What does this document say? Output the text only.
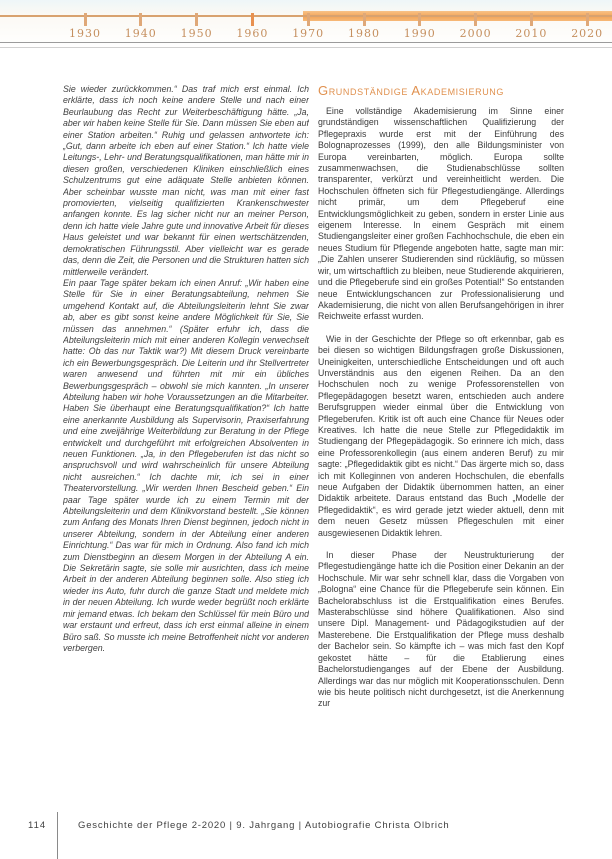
1930	1940	1950	1960	1970	1980	1990	2000	2010	2020

Sie wieder zurückkommen.“ Das traf mich erst einmal. Ich erklärte, dass ich noch keine andere Stelle und nach einer Beurlaubung das Recht zur Weiterbeschäftigung hätte. „Ja, aber wir haben keine Stelle für Sie. Dann müssen Sie eben auf einer Station arbeiten.“ Ruhig und gelassen antwortete ich: „Gut, dann arbeite ich eben auf einer Station.“ Ich hatte viele Leitungs-, Lehr- und Beratungsqualifikationen, man hätte mir in diesen großen, verschiedenen Kliniken einschließlich eines Schulzentrums gut eine adäquate Stelle anbieten können. Aber scheinbar wusste man nicht, was man mit einer fast promovierten, vielseitig qualifizierten Krankenschwester anfangen konnte. Es lag sicher nicht nur an meiner Person, denn ich hatte viele Jahre gute und innovative Arbeit für dieses Haus geleistet und war bekannt für einen wertschätzenden, demokratischen Führungsstil. Aber vielleicht war es gerade das, denn die Zeit, die Personen und die Strukturen hatten sich mittlerweile verändert.

Ein paar Tage später bekam ich einen Anruf: „Wir haben eine Stelle für Sie in einer Beratungsabteilung, nehmen Sie umgehend Kontakt auf, die Abteilungsleiterin lehnt Sie zwar ab, aber es gibt sonst keine andere Möglichkeit für Sie, Sie müssen das annehmen.“ (Später erfuhr ich, dass die Abteilungsleiterin mich mit einer anderen Kollegin verwechselt hatte: Ob das nur Taktik war?) Mit diesem Druck vereinbarte ich ein Bewerbungsgespräch. Die Leiterin und ihr Stellvertreter waren anwesend und führten mit mir ein übliches Bewerbungsgespräch – obwohl sie mich kannten. „In unserer Abteilung haben wir hohe Voraussetzungen an die Mitarbeiter. Haben Sie überhaupt eine Beratungsqualifikation?“ Ich hatte eine anerkannte Ausbildung als Supervisorin, Praxiserfahrung und eine zweijährige Weiterbildung zur Beratung in der Pflege entwickelt und durchgeführt mit erfolgreichen Absolventen in neuen Funktionen. „Ja, in den Pflegeberufen ist das nicht so anspruchsvoll und wird wahrscheinlich für unsere Abteilung nicht ausreichen.“ Ich dachte mir, ich sei in einer Theatervorstellung. „Wir werden Ihnen Bescheid geben.“ Ein paar Tage später wurde ich zu einem Termin mit der Abteilungsleiterin und dem Klinikvorstand bestellt. „Sie können zum Anfang des Monats Ihren Dienst beginnen, jedoch nicht in unserer Abteilung, sondern in der Abteilung einer anderen Einrichtung.“ Das war für mich in Ordnung. Also fand ich mich zum Dienstbeginn an diesem Morgen in der Abteilung A ein. Die Sekretärin sagte, sie solle mir ausrichten, dass ich meine Arbeit in der anderen Abteilung beginnen solle. Also stieg ich wieder ins Auto, fuhr durch die ganze Stadt und meldete mich in der neuen Abteilung. Ich wurde weder begrüßt noch erklärte mir jemand etwas. Ich bekam den Schlüssel für mein Büro und war erstaunt und erfreut, dass ich erst einmal alleine in einem Büro saß. So musste ich meine Betroffenheit nicht vor anderen verbergen.

Grundständige Akademisierung

Eine vollständige Akademisierung im Sinne einer grundständigen wissenschaftlichen Qualifizierung der Pflegepraxis wurde erst mit der Einführung des Bolognaprozesses (1999), den alle Bildungsminister von Europa vereinbarten, möglich. Europa sollte zusammenwachsen, die Studienabschlüsse sollten transparenter, verkürzt und vereinheitlicht werden. Die Hochschulen öffneten sich für Pflegestudiengänge. Allerdings nicht primär, um dem Pflegeberuf eine Entwicklungsmöglichkeit zu geben, sondern in erster Linie aus eigenem Interesse. In einem Gespräch mit einem Studiengangsleiter einer großen Fachhochschule, die eben ein neues Studium für Pflegende angeboten hatte, sagte man mir: „Die Zahlen unserer Studierenden sind rückläufig, so müssen wir, um wirtschaftlich zu bleiben, neue Studierende akquirieren, und die Pflegeberufe sind ein großes Potential!“ So entstanden neue Entwicklungschancen zur Professionalisierung und Akademisierung, die nicht von allen Berufsangehörigen in ihrer Reichweite erfasst wurden.

Wie in der Geschichte der Pflege so oft erkennbar, gab es bei diesen so wichtigen Bildungsfragen große Diskussionen, Uneinigkeiten, unterschiedliche Entscheidungen und oft auch Unverständnis aus den eigenen Reihen. Da an den Hochschulen noch zu wenige Professorenstellen von Pflegepädagogen besetzt waren, entschieden auch andere Berufsgruppen wieder einmal über die Entwicklung von Pflegeberufen. Kritik ist oft auch eine Chance für Neues oder Kreatives. Ich hatte die neue Stelle zur Pflegedidaktik im Studiengang der Pflegepädagogik. So erinnere ich mich, dass eine Professorenkollegin (aus einem anderen Beruf) zu mir sagte: „Pflegedidaktik gibt es nicht.“ Das ärgerte mich so, dass ich mit Kolleginnen von anderen Hochschulen, die ebenfalls neue Aufgaben der Didaktik übernommen hatten, an einer Didaktik arbeitete. Daraus entstand das Buch „Modelle der Pflegedidaktik“, es wird gerade jetzt wieder aktuell, denn mit dem neuen Gesetz müssen Pflegeschulen mit einer ausgewiesenen Didaktik lehren.

In dieser Phase der Neustrukturierung der Pflegestudiengänge hatte ich die Position einer Dekanin an der Hochschule. Mir war sehr schnell klar, dass die Vorgaben von „Bologna“ eine Chance für die Pflegeberufe sein können. Ein Bachelorabschluss ist die Erstqualifikation eines Berufes. Masterabschlüsse sind höhere Qualifikationen. Also sind unsere Dipl. Management- und Pädagogikstudien auf der Masterebene. Die Erstqualifikation der Pflege muss deshalb der Bachelor sein. So kämpfte ich – was mich fast den Kopf gekostet hätte – für die Etablierung eines Bachelorstudienganges auf der Ebene der Ausbildung. Allerdings war das nur möglich mit Kooperationsschulen. Denn wie bis heute politisch nicht durchgesetzt, ist die Anerkennung zur

114	Geschichte der Pflege 2-2020 | 9. Jahrgang | Autobiografie Christa Olbrich
